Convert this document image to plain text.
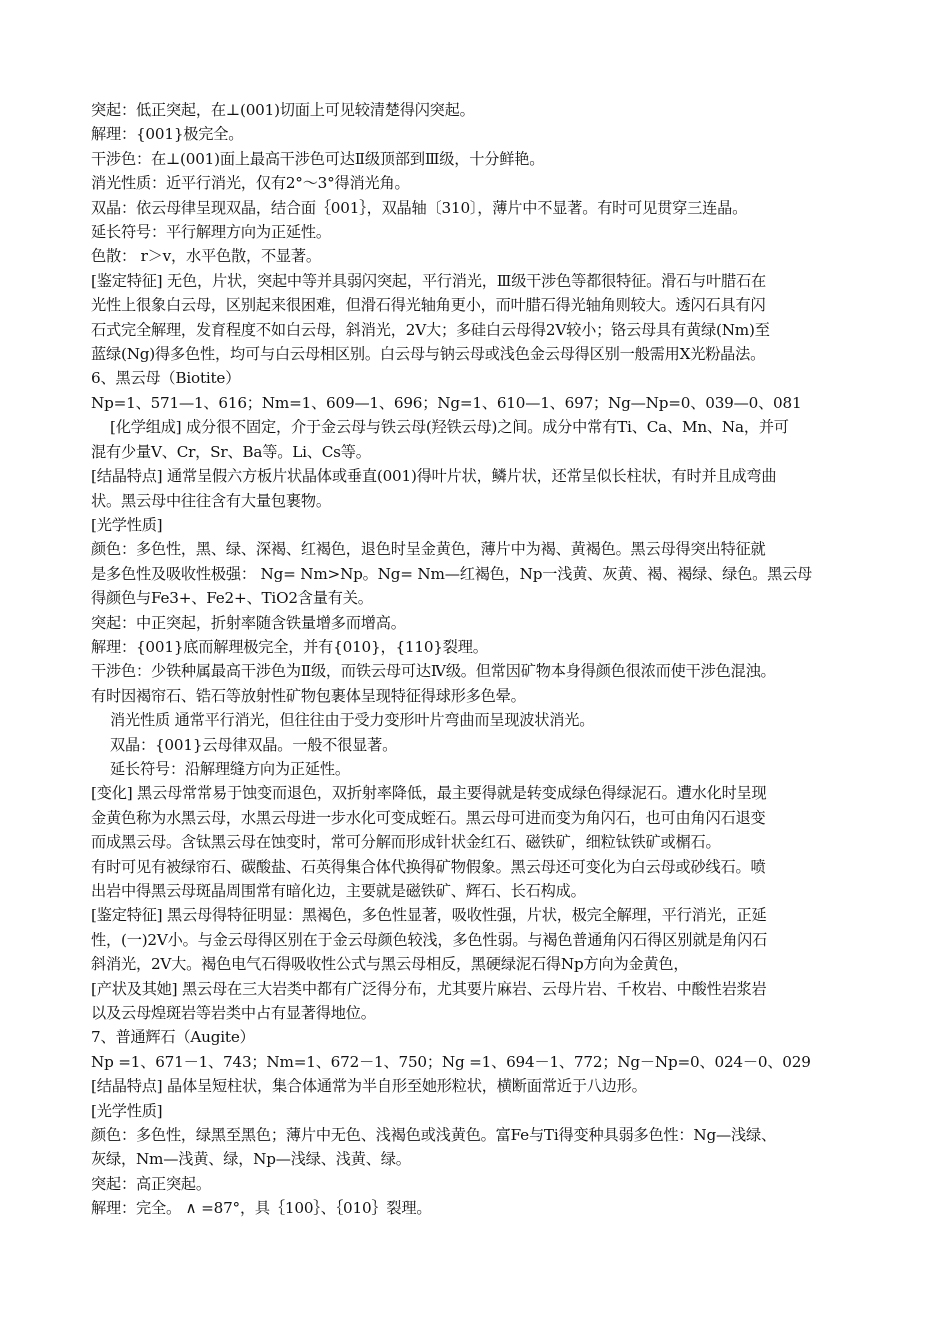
突起：低正突起，在⊥(001)切面上可见较清楚得闪突起。
解理：{001}极完全。
干涉色：在⊥(001)面上最高干涉色可达Ⅱ级顶部到Ⅲ级，十分鲜艳。
消光性质：近平行消光，仅有2°～3°得消光角。
双晶：依云母律呈现双晶，结合面｛001｝，双晶轴〔310〕，薄片中不显著。有时可见贯穿三连晶。
延长符号：平行解理方向为正延性。
色散： r＞v，水平色散，不显著。
[鉴定特征] 无色，片状，突起中等并具弱闪突起，平行消光，Ⅲ级干涉色等都很特征。滑石与叶腊石在
光性上很象白云母，区别起来很困难，但滑石得光轴角更小，而叶腊石得光轴角则较大。透闪石具有闪
石式完全解理，发育程度不如白云母，斜消光，2V大；多硅白云母得2V较小；铬云母具有黄绿(Nm)至
蓝绿(Ng)得多色性，均可与白云母相区别。白云母与钠云母或浅色金云母得区别一般需用X光粉晶法。
6、黑云母（Biotite）
Np=1、571—1、616；Nm=1、609—1、696；Ng=1、610—1、697；Ng—Np=0、039—0、081
[化学组成] 成分很不固定，介于金云母与铁云母(羟铁云母)之间。成分中常有Ti、Ca、Mn、Na，并可
混有少量V、Cr，Sr、Ba等。Li、Cs等。
[结晶特点] 通常呈假六方板片状晶体或垂直(001)得叶片状，鳞片状，还常呈似长柱状，有时并且成弯曲
状。黑云母中往往含有大量包裹物。
[光学性质]
颜色：多色性，黑、绿、深褐、红褐色，退色时呈金黄色，薄片中为褐、黄褐色。黑云母得突出特征就
是多色性及吸收性极强： Ng= Nm>Np。Ng= Nm—红褐色，Np一浅黄、灰黄、褐、褐绿、绿色。黑云母
得颜色与Fe3+、Fe2+、TiO2含量有关。
突起：中正突起，折射率随含铁量增多而增高。
解理：{001}底而解理极完全，并有{010}，{110}裂理。
干涉色：少铁种属最高干涉色为Ⅱ级，而铁云母可达Ⅳ级。但常因矿物本身得颜色很浓而使干涉色混浊。
有时因褐帘石、锆石等放射性矿物包裹体呈现特征得球形多色晕。
消光性质 通常平行消光，但往往由于受力变形叶片弯曲而呈现波状消光。
双晶：{001}云母律双晶。一般不很显著。
延长符号：沿解理缝方向为正延性。
[变化] 黑云母常常易于蚀变而退色，双折射率降低，最主要得就是转变成绿色得绿泥石。遭水化时呈现
金黄色称为水黑云母，水黑云母进一步水化可变成蛭石。黑云母可进而变为角闪石，也可由角闪石退变
而成黑云母。含钛黑云母在蚀变时，常可分解而形成针状金红石、磁铁矿，细粒钛铁矿或榍石。
有时可见有被绿帘石、碳酸盐、石英得集合体代换得矿物假象。黑云母还可变化为白云母或砂线石。喷
出岩中得黑云母斑晶周围常有暗化边，主要就是磁铁矿、辉石、长石构成。
[鉴定特征] 黑云母得特征明显：黑褐色，多色性显著，吸收性强，片状，极完全解理，平行消光，正延
性，(一)2V小。与金云母得区别在于金云母颜色较浅，多色性弱。与褐色普通角闪石得区别就是角闪石
斜消光，2V大。褐色电气石得吸收性公式与黑云母相反，黑硬绿泥石得Np方向为金黄色，
[产状及其她] 黑云母在三大岩类中都有广泛得分布，尤其要片麻岩、云母片岩、千枚岩、中酸性岩浆岩
以及云母煌斑岩等岩类中占有显著得地位。
7、普通辉石（Augite）
Np =1、671－1、743；Nm=1、672－1、750；Ng =1、694－1、772；Ng－Np=0、024－0、029
[结晶特点] 晶体呈短柱状，集合体通常为半自形至她形粒状，横断面常近于八边形。
[光学性质]
颜色：多色性，绿黑至黑色；薄片中无色、浅褐色或浅黄色。富Fe与Ti得变种具弱多色性：Ng—浅绿、
灰绿，Nm—浅黄、绿，Np—浅绿、浅黄、绿。
突起：高正突起。
解理：完全。 ∧ =87°，具｛100｝、｛010｝裂理。
